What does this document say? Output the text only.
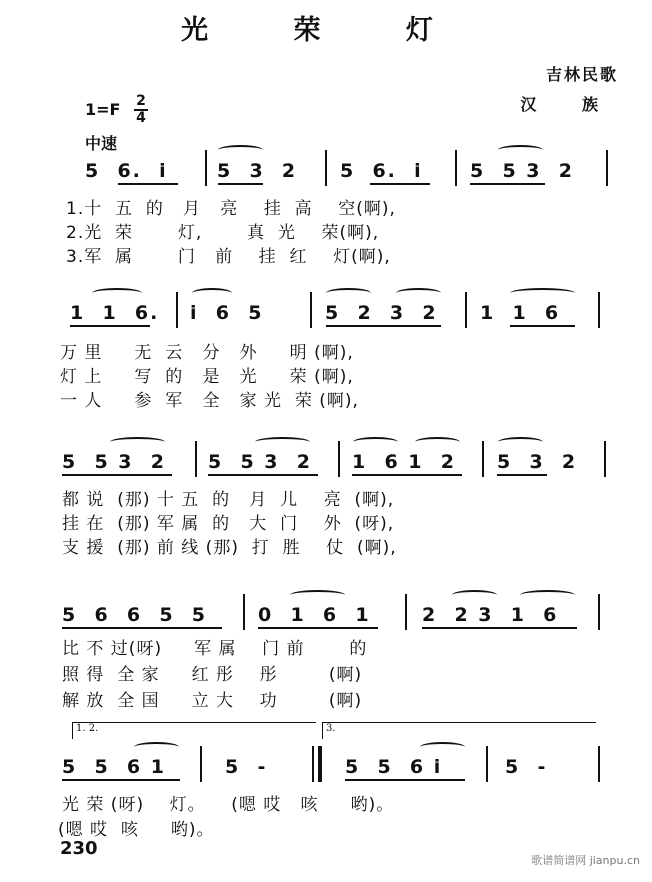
光 荣 灯
吉林民歌
汉 族
1=F 2
4
中速
5  6.  i	5  3  2 5  6.  i 5  5 3  2
1.十  五  的   月   亮    挂  高    空(啊),
2.光  荣       灯,       真  光    荣(啊),
3.军  属       门   前    挂  红    灯(啊),
1  1  6. i  6  5	5  2  3  2 1  1  6
万 里     无  云   分   外     明 (啊),
灯 上     写  的   是   光     荣 (啊),
一 人     参  军   全   家 光  荣 (啊),
5  5 3  2 5  5 3  2 1  6 1  2 5  3  2
都 说  (那) 十 五  的   月  儿    亮  (啊),
挂 在  (那) 军 属  的   大  门    外  (呀),
支 援  (那) 前 线 (那)  打  胜    仗  (啊),
5  6  6  5  5	0  1  6  1	2  2 3  1  6
比 不 过(呀)     军 属    门 前       的
照 得  全 家     红 彤    彤        (啊)
解 放  全 国     立 大    功        (啊)
1. 2.	3.
5  5  6 1	5  -	5  5  6 i	5  -
光 荣 (呀)    灯。    (嗯 哎   咳     哟)。
(嗯 哎  咳     哟)。
230
歌谱简谱网 jianpu.cn
